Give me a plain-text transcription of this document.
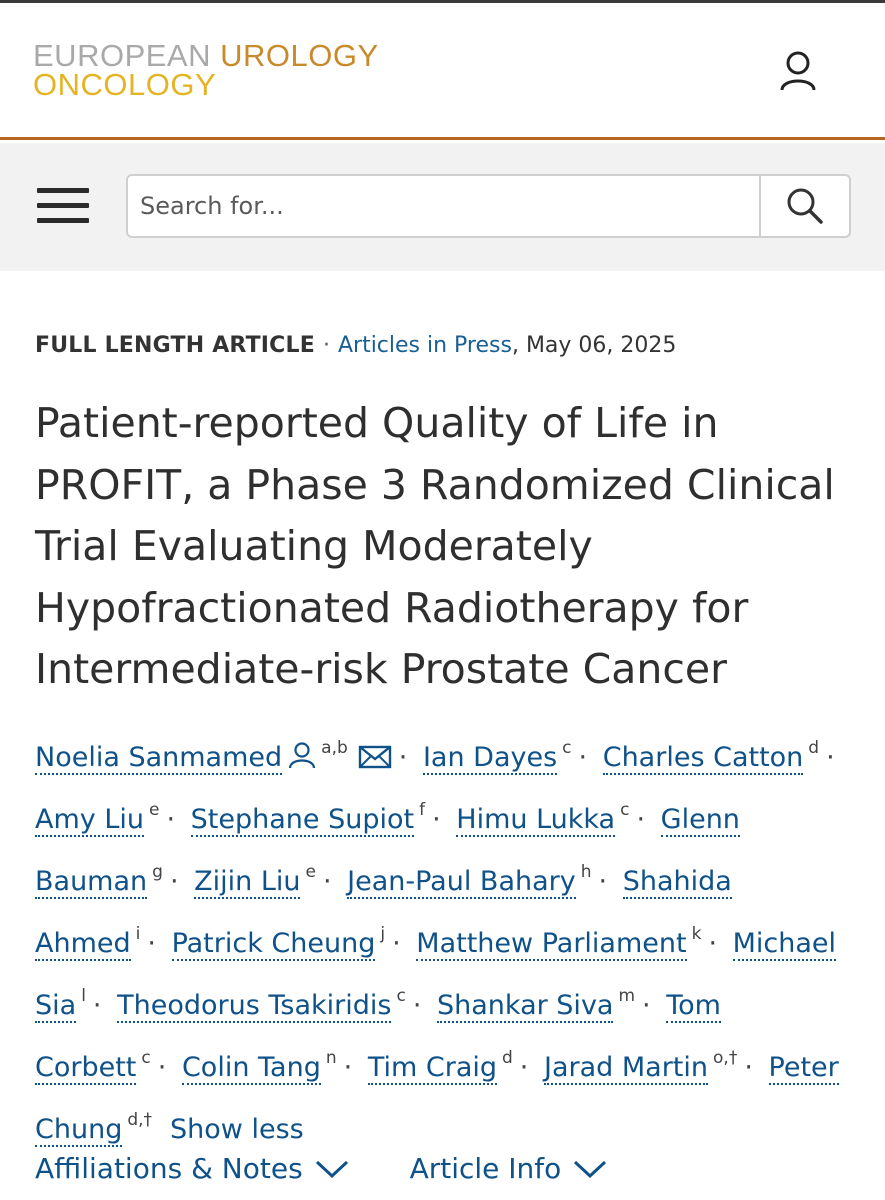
EUROPEAN UROLOGY
ONCOLOGY
Search for...
FULL LENGTH ARTICLE · Articles in Press, May 06, 2025
Patient-reported Quality of Life in PROFIT, a Phase 3 Randomized Clinical Trial Evaluating Moderately Hypofractionated Radiotherapy for Intermediate-risk Prostate Cancer
Noelia Sanmamed $^{a,b}$ · Ian Dayes $^c$ · Charles Catton $^d$ · Amy Liu $^e$ · Stephane Supiot $^f$ · Himu Lukka $^c$ · Glenn Bauman $^g$ · Zijin Liu $^e$ · Jean-Paul Bahary $^h$ · Shahida Ahmed $^i$ · Patrick Cheung $^j$ · Matthew Parliament $^k$ · Michael Sia $^l$ · Theodorus Tsakiridis $^c$ · Shankar Siva $^m$ · Tom Corbett $^c$ · Colin Tang $^n$ · Tim Craig $^d$ · Jarad Martin $^{o,\dagger}$ · Peter Chung $^{d,\dagger}$ Show less
Affiliations & Notes
	Article Info
